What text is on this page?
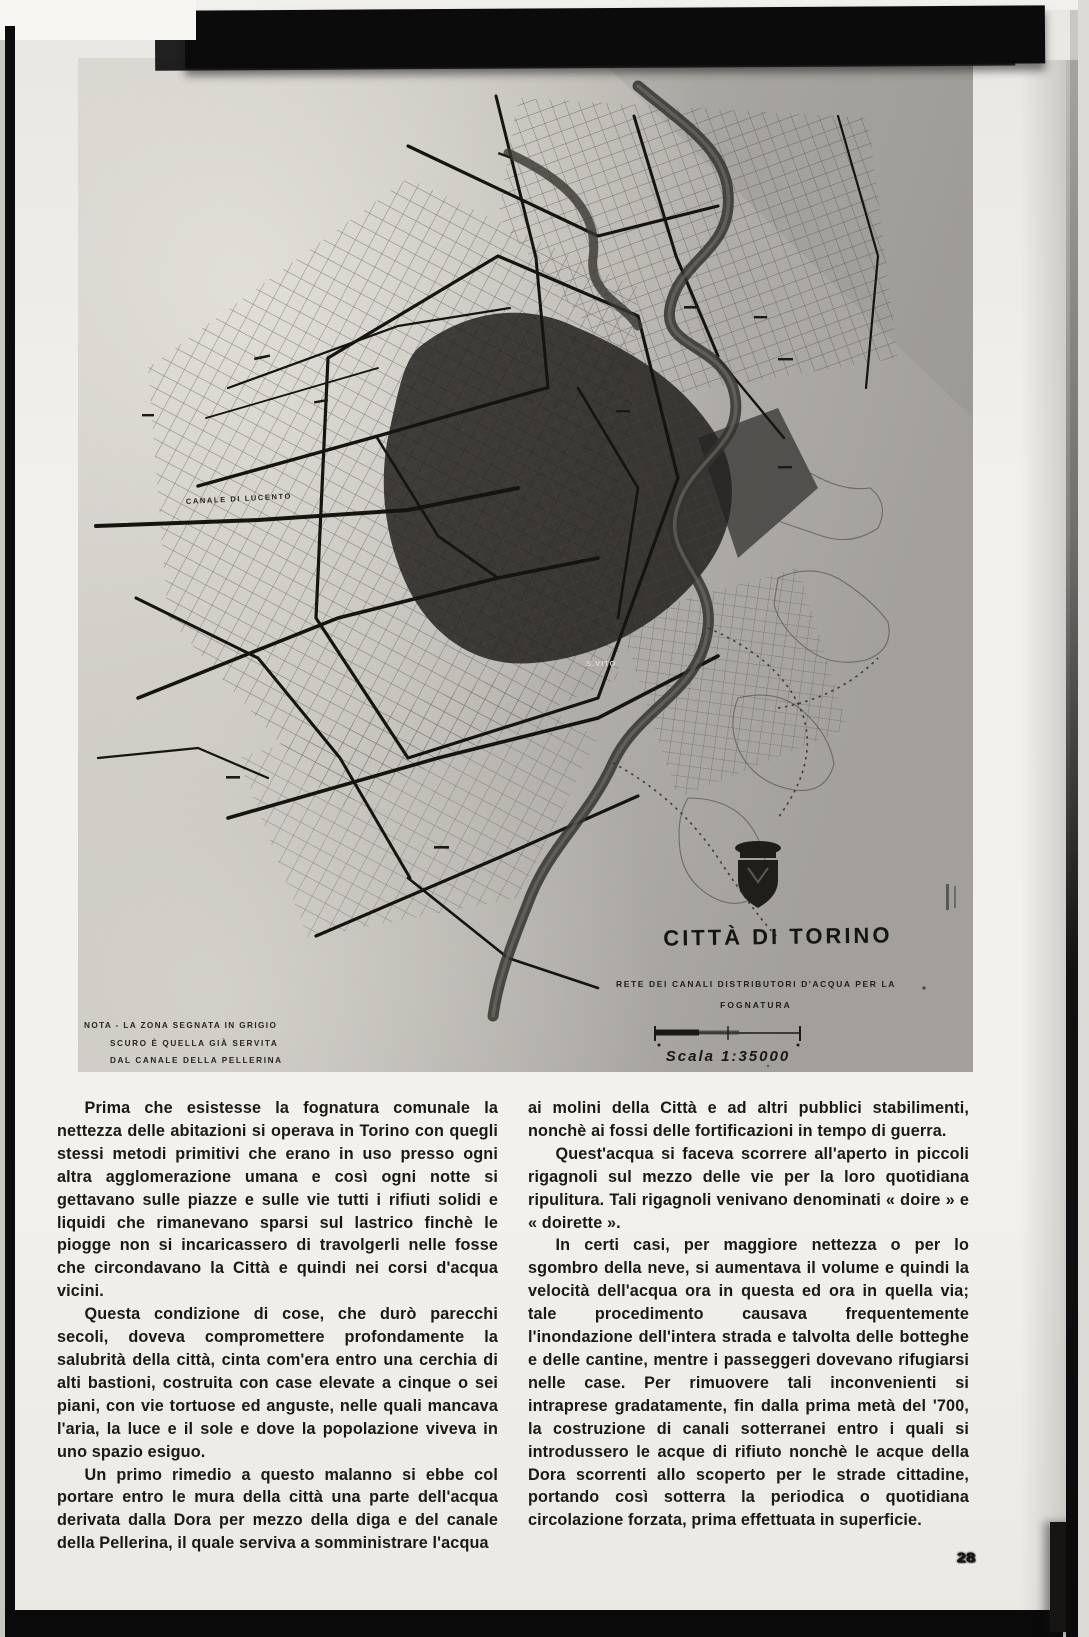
CANALE DI LUCENTO
S.VITO
CITTÀ DI TORINO
RETE DEI CANALI DISTRIBUTORI D'ACQUA PER LA
FOGNATURA
Scala 1:35000
NOTA - LA ZONA SEGNATA IN GRIGIO
SCURO È QUELLA GIÀ SERVITA
DAL CANALE DELLA PELLERINA

Prima che esistesse la fognatura comunale la nettezza delle abitazioni si operava in Torino con quegli stessi metodi primitivi che erano in uso presso ogni altra agglomerazione umana e così ogni notte si gettavano sulle piazze e sulle vie tutti i rifiuti solidi e liquidi che rimanevano sparsi sul lastrico finchè le piogge non si incaricassero di travolgerli nelle fosse che circondavano la Città e quindi nei corsi d'acqua vicini.

Questa condizione di cose, che durò parecchi secoli, doveva compromettere profondamente la salubrità della città, cinta com'era entro una cerchia di alti bastioni, costruita con case elevate a cinque o sei piani, con vie tortuose ed anguste, nelle quali mancava l'aria, la luce e il sole e dove la popolazione viveva in uno spazio esiguo.

Un primo rimedio a questo malanno si ebbe col portare entro le mura della città una parte dell'acqua derivata dalla Dora per mezzo della diga e del canale della Pellerina, il quale serviva a somministrare l'acqua

ai molini della Città e ad altri pubblici stabilimenti, nonchè ai fossi delle fortificazioni in tempo di guerra.

Quest'acqua si faceva scorrere all'aperto in piccoli rigagnoli sul mezzo delle vie per la loro quotidiana ripulitura. Tali rigagnoli venivano denominati « doire » e « doirette ».

In certi casi, per maggiore nettezza o per lo sgombro della neve, si aumentava il volume e quindi la velocità dell'acqua ora in questa ed ora in quella via; tale procedimento causava frequentemente l'inondazione dell'intera strada e talvolta delle botteghe e delle cantine, mentre i passeggeri dovevano rifugiarsi nelle case. Per rimuovere tali inconvenienti si intraprese gradatamente, fin dalla prima metà del '700, la costruzione di canali sotterranei entro i quali si introdussero le acque di rifiuto nonchè le acque della Dora scorrenti allo scoperto per le strade cittadine, portando così sotterra la periodica o quotidiana circolazione forzata, prima effettuata in superficie.

28
